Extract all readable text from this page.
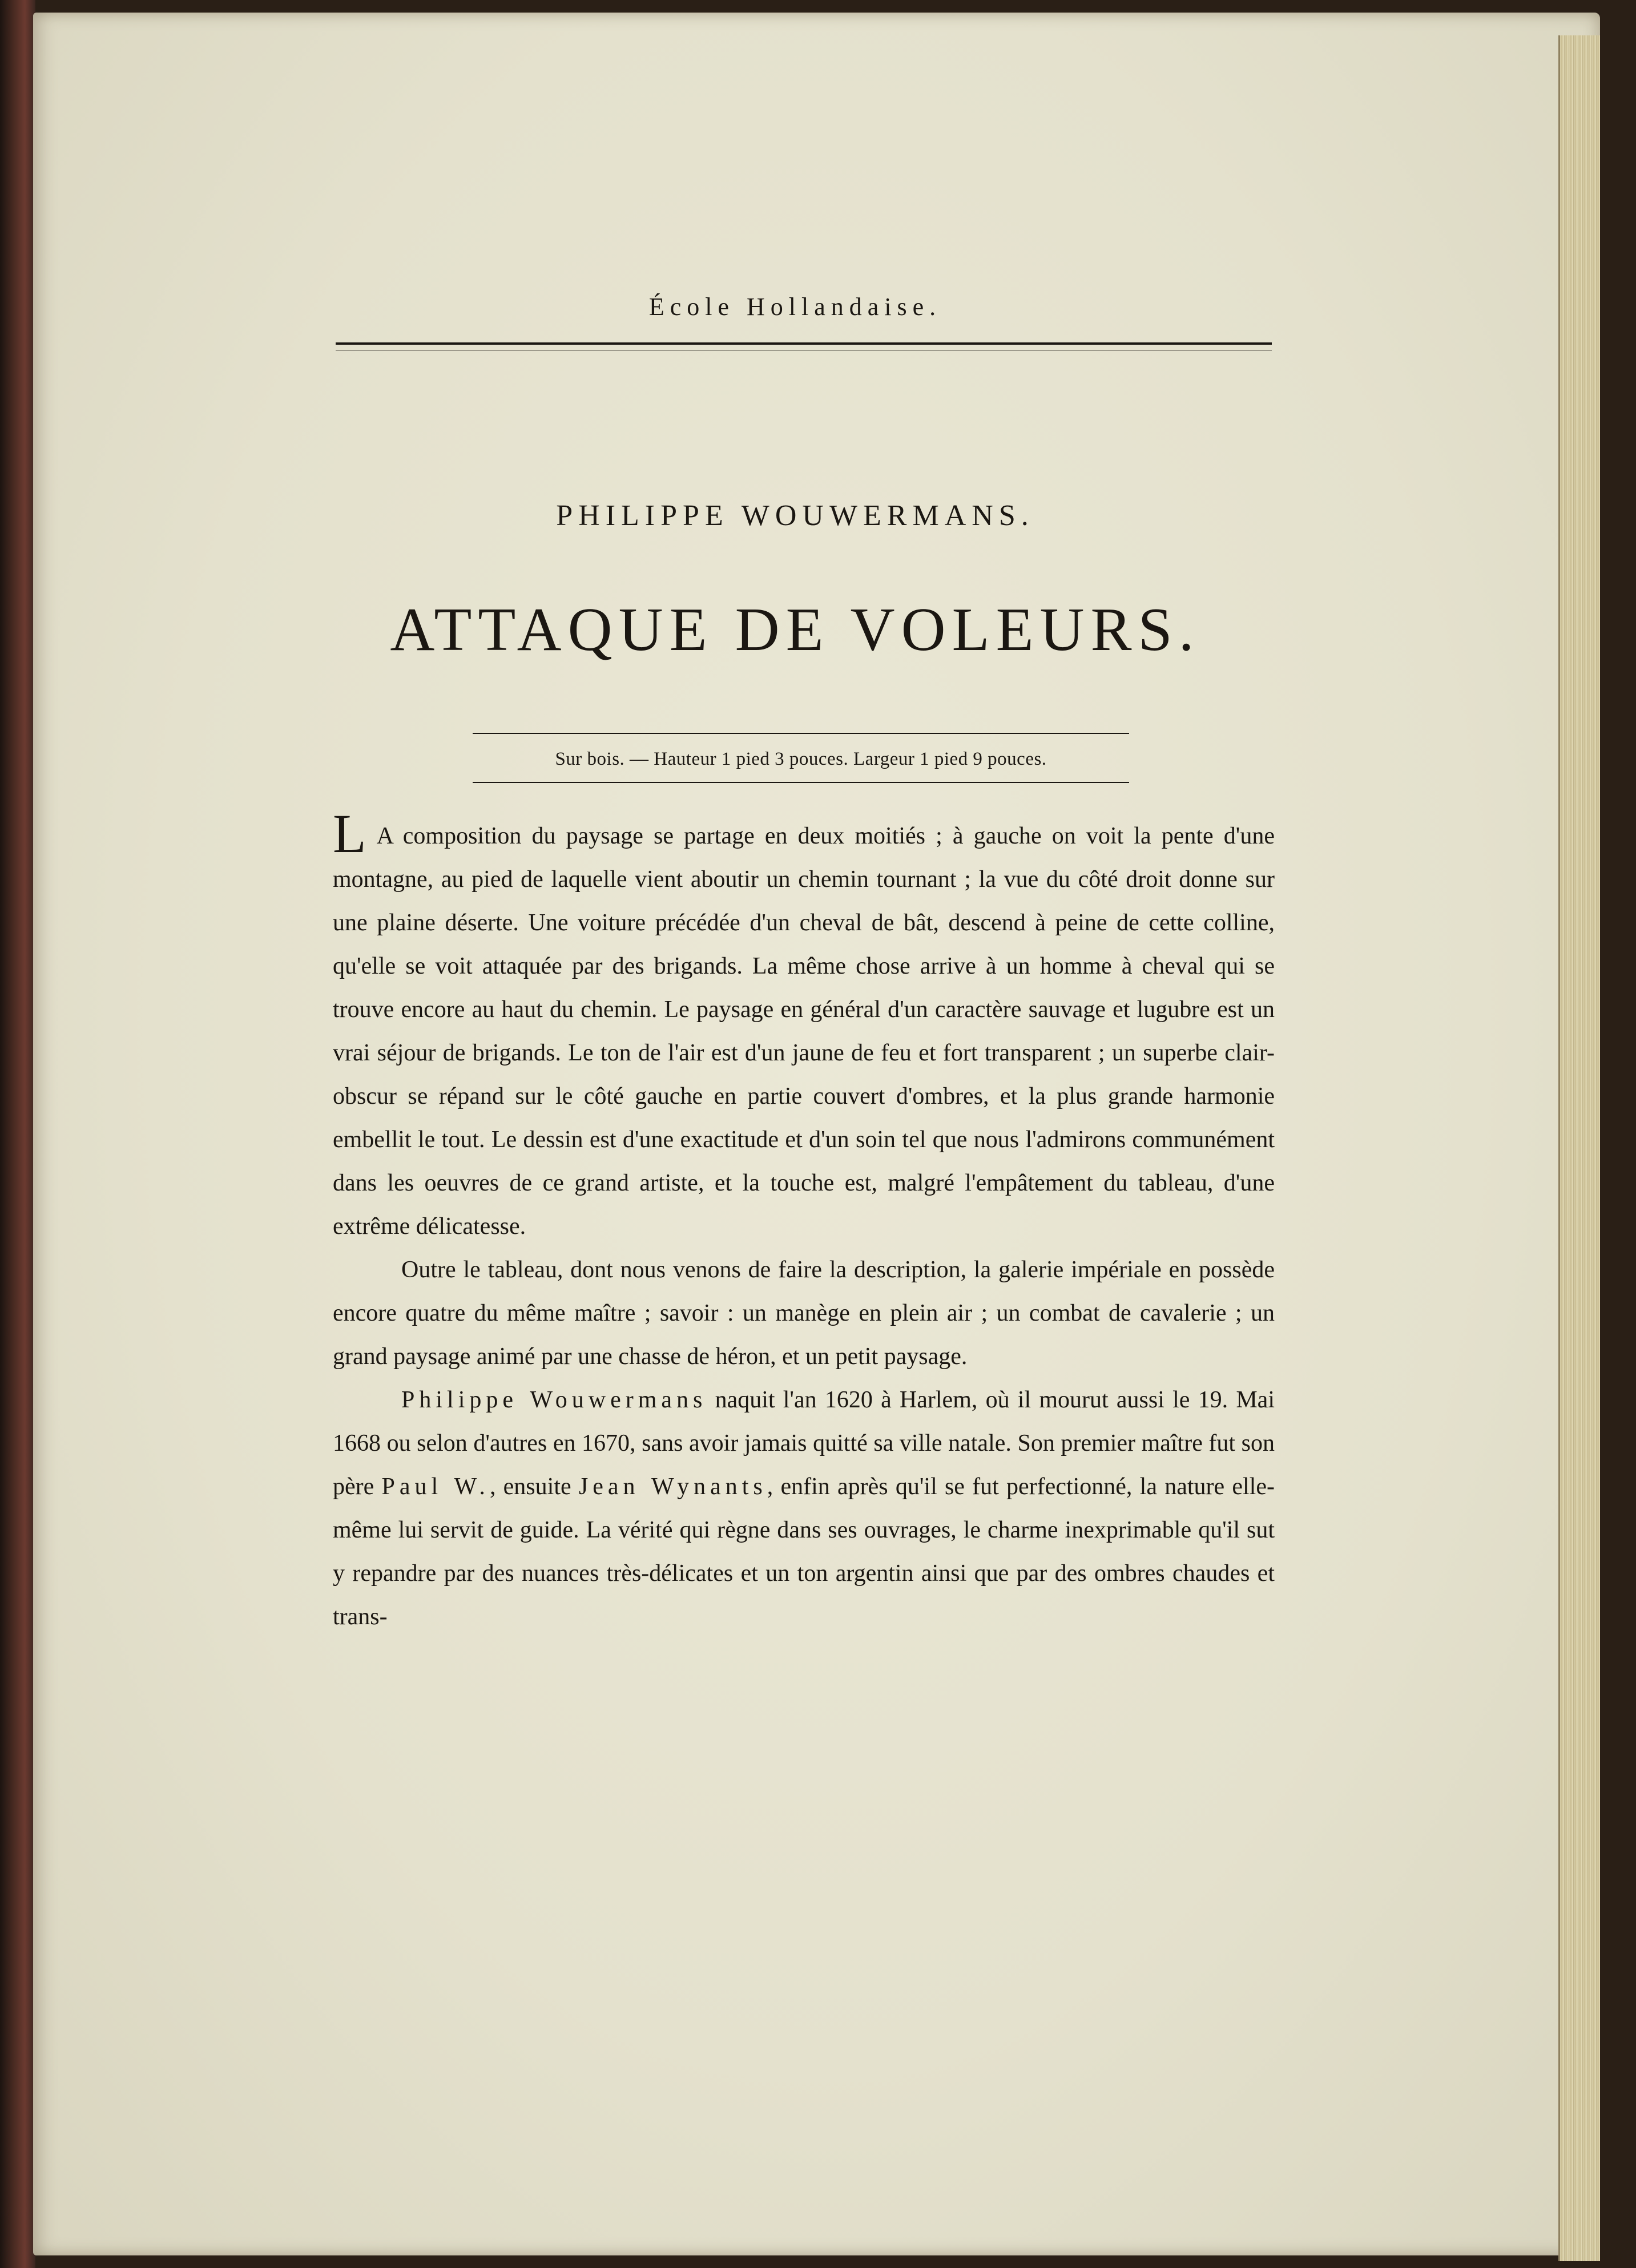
École Hollandaise.
PHILIPPE WOUWERMANS.
ATTAQUE DE VOLEURS.
Sur bois. — Hauteur 1 pied 3 pouces. Largeur 1 pied 9 pouces.

L A composition du paysage se partage en deux moitiés ; à gauche on voit la pente d'une montagne, au pied de laquelle vient aboutir un chemin tournant ; la vue du côté droit donne sur une plaine déserte. Une voiture précédée d'un cheval de bât, descend à peine de cette colline, qu'elle se voit attaquée par des brigands. La même chose arrive à un homme à cheval qui se trouve encore au haut du chemin. Le paysage en général d'un caractère sauvage et lugubre est un vrai séjour de brigands. Le ton de l'air est d'un jaune de feu et fort transparent ; un superbe clair-obscur se répand sur le côté gauche en partie couvert d'ombres, et la plus grande harmonie embellit le tout. Le dessin est d'une exactitude et d'un soin tel que nous l'admirons communément dans les oeuvres de ce grand artiste, et la touche est, malgré l'empâtement du tableau, d'une extrême délicatesse.

Outre le tableau, dont nous venons de faire la description, la galerie impériale en possède encore quatre du même maître ; savoir : un manège en plein air ; un combat de cavalerie ; un grand paysage animé par une chasse de héron, et un petit paysage.

Philippe Wouwermans naquit l'an 1620 à Harlem, où il mourut aussi le 19. Mai 1668 ou selon d'autres en 1670, sans avoir jamais quitté sa ville natale. Son premier maître fut son père Paul W., ensuite Jean Wynants, enfin après qu'il se fut perfectionné, la nature elle-même lui servit de guide. La vérité qui règne dans ses ouvrages, le charme inexprimable qu'il sut y repandre par des nuances très-délicates et un ton argentin ainsi que par des ombres chaudes et trans-
